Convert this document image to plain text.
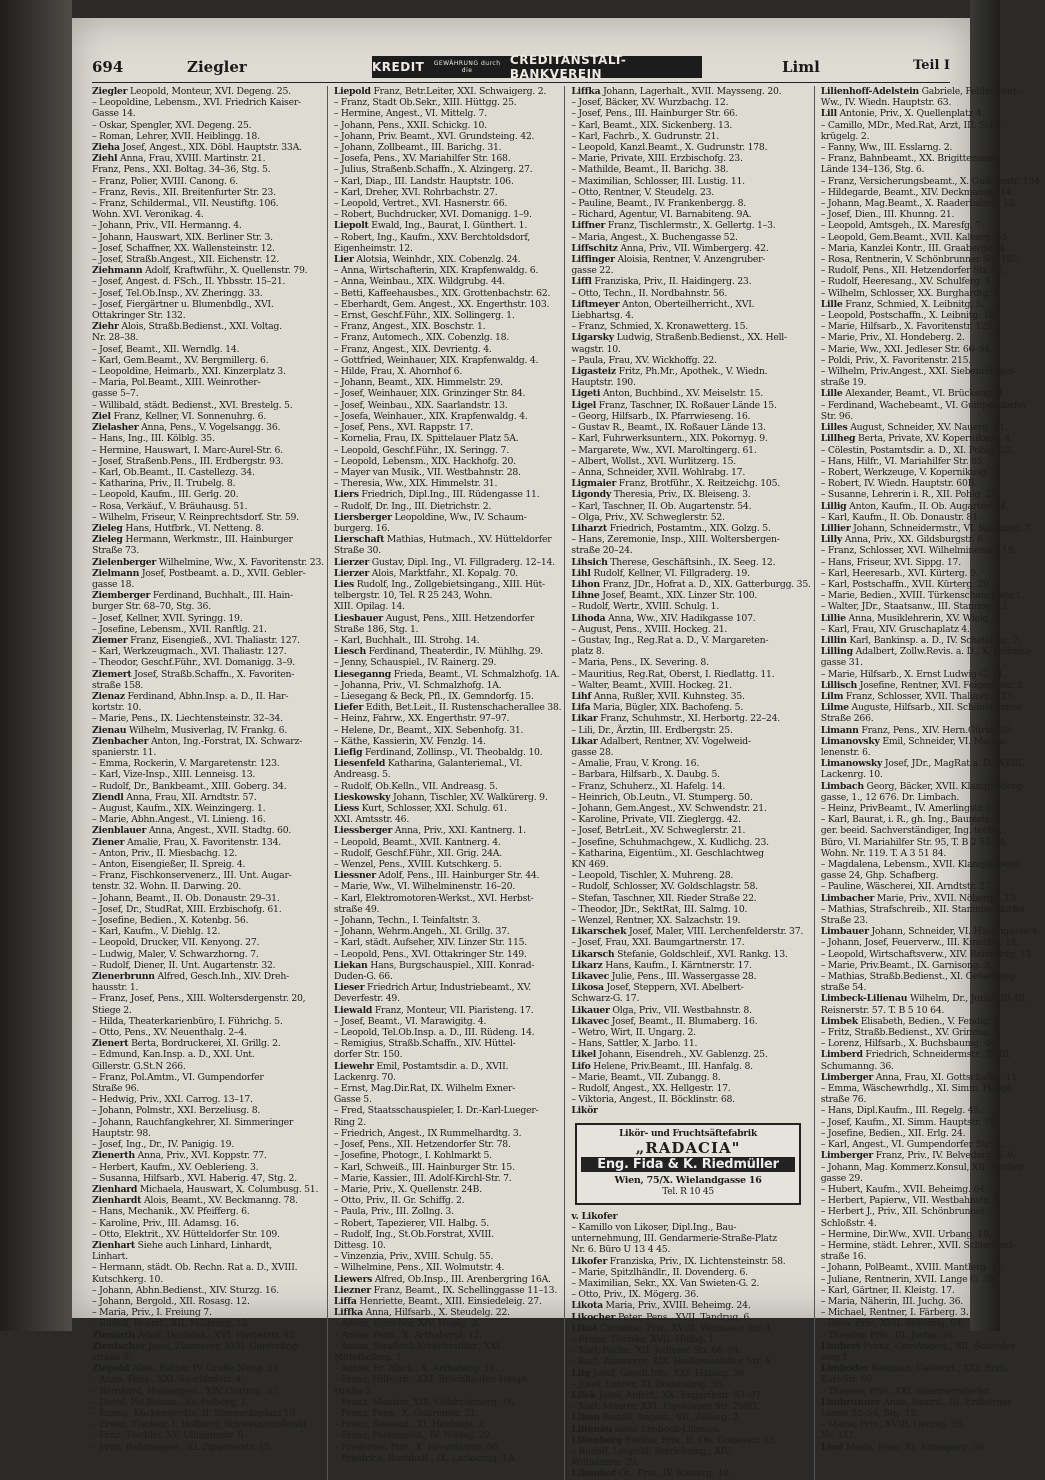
694	Ziegler	KREDIT	GEWÄHRUNG durch die
CREDITANSTALT-BANKVEREIN	Liml	Teil I
Ziegler Leopold, Monteur, XVI. Degeng. 25.
– Leopoldine, Lebensm., XVI. Friedrich Kaiser-
Gasse 14.
– Oskar, Spengler, XVI. Degeng. 25.
– Roman, Lehrer, XVII. Heiblingg. 18.
Zieha Josef, Angest., XIX. Döbl. Hauptstr. 33A.
Ziehl Anna, Frau, XVIII. Martinstr. 21.
Franz, Pens., XXI. Boltag. 34–36, Stg. 5.
– Franz, Polier, XVIII. Canong. 6.
– Franz, Revis., XII. Breitenfurter Str. 23.
– Franz, Schildermal., VII. Neustiftg. 106.
Wohn. XVI. Veronikag. 4.
– Johann, Priv., VII. Hermanng. 4.
– Johann, Hauswart, XIX. Berliner Str. 3.
– Josef, Schaffner, XX. Wallensteinstr. 12.
– Josef, Straßb.Angest., XII. Eichenstr. 12.
Ziehmann Adolf, Kraftwführ., X. Quellenstr. 79.
– Josef, Angest. d. FSch., II. Ybbsstr. 15–21.
– Josef, Tel.Ob.Insp., XV. Zheringg. 33.
– Josef, Fiergärtner u. Blumenbdlg., XVI.
Ottakringer Str. 132.
Ziehr Alois, Straßb.Bedienst., XXI. Voltag.
Nr. 28–38.
– Josef, Beamt., XII. Werndlg. 14.
– Karl, Gem.Beamt., XV. Bergmillerg. 6.
– Leopoldine, Heimarb., XXI. Kinzerplatz 3.
– Maria, Pol.Beamt., XIII. Weinrother-
gasse 5–7.
– Willibald, städt. Bedienst., XVI. Brestelg. 5.
Ziel Franz, Kellner, VI. Sonnenuhrg. 6.
Zielasher Anna, Pens., V. Vogelsangg. 36.
– Hans, Ing., III. Kölblg. 35.
– Hermine, Hauswart, I. Marc-Aurel-Str. 6.
– Josef, Straßenb.Pens., III. Erdbergstr. 93.
– Karl, Ob.Beamt., II. Castellezg. 34.
– Katharina, Priv., II. Trubelg. 8.
– Leopold, Kaufm., III. Gerlg. 20.
– Rosa, Verkäuf., V. Bräuhausg. 51.
– Wilhelm, Friseur, V. Reinprechtsdorf. Str. 59.
Zieleg Hans, Hutfbrk., VI. Netteng. 8.
Zieleg Hermann, Werkmstr., III. Hainburger
Straße 73.
Zielenberger Wilhelmine, Ww., X. Favoritenstr. 23.
Zielmann Josef, Postbeamt. a. D., XVII. Gebler-
gasse 18.
Ziemberger Ferdinand, Buchhalt., III. Hain-
burger Str. 68–70, Stg. 36.
– Josef, Kellner, XVII. Syringg. 19.
– Josefine, Lebensm., XVII. Ranftlg. 21.
Ziemer Franz, Eisengieß., XVI. Thaliastr. 127.
– Karl, Werkzeugmach., XVI. Thaliastr. 127.
– Theodor, Geschf.Führ., XVI. Domanigg. 3–9.
Ziemert Josef, Straßb.Schaffn., X. Favoriten-
straße 158.
Zienaz Ferdinand, Abhn.Insp. a. D., II. Har-
kortstr. 10.
– Marie, Pens., IX. Liechtensteinstr. 32–34.
Zienau Wilhelm, Musiverlag, IV. Frankg. 6.
Zienbacher Anton, Ing.-Forstrat, IX. Schwarz-
spanierstr. 11.
– Emma, Rockerin, V. Margaretenstr. 123.
– Karl, Vize-Insp., XIII. Lenneisg. 13.
– Rudolf, Dr., Bankbeamt., XIII. Goberg. 34.
Ziendl Anna, Frau, XII. Arndtstr. 57.
– August, Kaufm., XIX. Weinzingerg. 1.
– Marie, Abhn.Angest., VI. Linieng. 16.
Zienblauer Anna, Angest., XVII. Stadtg. 60.
Ziener Amalie, Frau, X. Favoritenstr. 134.
– Anton, Priv., II. Miesbachg. 12.
– Anton, Eisengießer, II. Spreig. 4.
– Franz, Fischkonservenerz., III. Unt. Augar-
tenstr. 32. Wohn. II. Darwing. 20.
– Johann, Beamt., II. Ob. Donaustr. 29–31.
– Josef, Dr., StudRat, XIII. Erzbischofg. 61.
– Josefine, Bedien., X. Kotenbg. 56.
– Karl, Kaufm., V. Diehlg. 12.
– Leopold, Drucker, VII. Kenyong. 27.
– Ludwig, Maler, V. Schwarzhorng. 7.
– Rudolf, Diener, II. Unt. Augartenstr. 32.
Zienerbrunn Alfred, Gesch.Inh., XIV. Dreh-
hausstr. 1.
– Franz, Josef, Pens., XIII. Woltersdergenstr. 20,
Stiege 2.
– Hilda, Theaterkarienbüro, I. Führichg. 5.
– Otto, Pens., XV. Neuenthalg. 2–4.
Zienert Berta, Bordruckerei, XI. Grillg. 2.
– Edmund, Kan.Insp. a. D., XXI. Unt.
Gillerstr. G.St.N 266.
– Franz, Pol.Amtm., VI. Gumpendorfer
Straße 96.
– Hedwig, Priv., XXI. Carrog. 13–17.
– Johann, Polmstr., XXI. Berzeliusg. 8.
– Johann, Rauchfangkehrer, XI. Simmeringer
Hauptstr. 98.
– Josef, Ing., Dr., IV. Panigig. 19.
Zienerth Anna, Priv., XVI. Koppstr. 77.
– Herbert, Kaufm., XV. Oeblerieng. 3.
– Susanna, Hilfsarb., XVI. Haberig. 47, Stg. 2.
Zienhard Michaela, Hauswart, X. Columbusg. 51.
Zienhardt Alois, Beamt., XV. Beckmanng. 78.
– Hans, Mechanik., XV. Pfeifferg. 6.
– Karoline, Priv., III. Adamsg. 16.
– Otto, Elektrit., XV. Hütteldorfer Str. 109.
Zienhart Siehe auch Linhard, Linhardt,
Linhart.
– Hermann, städt. Ob. Rechn. Rat a. D., XVIII.
Kutschkerg. 10.
– Johann, Abhn.Bedienst., XIV. Sturzg. 16.
– Johann, Bergold., XII. Rosasg. 12.
– Maria, Priv., I. Freiung 7.
– Rudolf, Beamt., XII. Mällnerg. 13.
Zienörth Adolf, Dachdek., XVI. Herbststr. 42.
Zientscher Josef, Zimmerer, XVII. Güpferling-
straße 9.
Ziepold Alois, Faktor, IV. Große Neug. 31.
– Anna, Pens., XXI. Saarlandstr. 4.
– Bernhard, Holzangest., XIV. Guttrog. 37.
– David, Pol.Beamt., XV. Felberg. 1.
– Emma, Küchengeräte, II. Sternecksplatz 10.
– Erwin, Tischler, I. Hofburg, Schweizerhoftrakt
– Fritz, Tischler, XV. Ullmannstr. 8.
– Fritz, Bahnangest., XI. Zippererstr. 15.
Liepold Franz, Betr.Leiter, XXI. Schwaigerg. 2.
– Franz, Stadt Ob.Sekr., XIII. Hüttgg. 25.
– Hermine, Angest., VI. Mittelg. 7.
– Johann, Pens., XXII. Schickg. 10.
– Johann, Priv. Beamt., XVI. Grundsteing. 42.
– Johann, Zollbeamt., III. Barichg. 31.
– Josefa, Pens., XV. Mariahilfer Str. 168.
– Julius, Straßenb.Schaffn., X. Alzingerg. 27.
– Karl, Diap., III. Landstr. Hauptstr. 106.
– Karl, Dreher, XVI. Rohrbachstr. 27.
– Leopold, Vertret., XVI. Hasnerstr. 66.
– Robert, Buchdrucker, XVI. Domanigg. 1–9.
Liepolt Ewald, Ing., Baurat, I. Günthert. 1.
– Robert, Ing., Kaufm., XXV. Berchtoldsdorf,
Eigenheimstr. 12.
Lier Alotsia, Weinhdr., XIX. Cobenzlg. 24.
– Anna, Wirtschafterin, XIX. Krapfenwaldg. 6.
– Anna, Weinbau., XIX. Wildgrubg. 44.
– Betti, Kaffeehausbes., XIX. Grottenbachstr. 62.
– Eberhardt, Gem. Angest., XX. Engerthstr. 103.
– Ernst, Geschf.Führ., XIX. Sollingerg. 1.
– Franz, Angest., XIX. Boschstr. 1.
– Franz, Automech., XIX. Cobenzlg. 18.
– Franz, Angest., XIX. Devrientg. 4.
– Gottfried, Weinhauer, XIX. Krapfenwaldg. 4.
– Hilde, Frau, X. Ahornhof 6.
– Johann, Beamt., XIX. Himmelstr. 29.
– Josef, Weinhauer, XIX. Grinzinger Str. 84.
– Josef, Weinbau., XIX. Saarlandstr. 13.
– Josefa, Weinhauer., XIX. Krapfenwaldg. 4.
– Josef, Pens., XVI. Rappstr. 17.
– Kornelia, Frau, IX. Spittelauer Platz 5A.
– Leopold, Geschf.Führ., IX. Seringg. 7.
– Leopold, Lebensm., XIX. Hackhofg. 20.
– Mayer van Musik., VII. Westbahnstr. 28.
– Theresia, Ww., XIX. Himmelstr. 31.
Liers Friedrich, Dipl.Ing., III. Rüdengasse 11.
– Rudolf, Dr. Ing., III. Dietrichstr. 2.
Liersberger Leopoldine, Ww., IV. Schaum-
burgerg. 16.
Lierschaft Mathias, Hutmach., XV. Hütteldorfer
Straße 30.
Lierzer Gustav, Dipl. Ing., VI. Fillgraderg. 12–14.
Lierzer Alois, Marktfahr., XI. Kopalg. 70.
Lies Rudolf, Ing., Zollgebietsingang., XIII. Hüt-
telbergstr. 10, Tel. R 25 243, Wohn.
XIII. Opilag. 14.
Liesbauer August, Pens., XIII. Hetzendorfer
Straße 186, Stg. 1.
– Karl, Buchhalt., III. Strohg. 14.
Liesch Ferdinand, Theaterdir., IV. Mühlhg. 29.
– Jenny, Schauspiel., IV. Rainerg. 29.
Lieseganng Frieda, Beamt., VI. Schmalzhofg. 1A.
– Johanna, Priv., VI. Schmalzhofg. 1A.
– Liesegang & Beck, Pfl., IX. Gemndorfg. 15.
Liefer Edith, Bet.Leit., II. Rustenschacherallee 38.
– Heinz, Fahrw., XX. Engerthstr. 97–97.
– Helene, Dr., Beamt., XIX. Sebenhofg. 31.
– Käthe, Kassierin, XV. Fenzlg. 14.
Liefig Ferdinand, Zollinsp., VI. Theobaldg. 10.
Liesenfeld Katharina, Galanteriemal., VI.
Andreasg. 5.
– Rudolf, Ob.Kelln., VII. Andreasg. 5.
Lieskowsky Johann, Tischler, XV. Walkürerg. 9.
Liess Kurt, Schlosser, XXI. Schulg. 61.
XXI. Amtsstr. 46.
Liessberger Anna, Priv., XXI. Kantnerg. 1.
– Leopold, Beamt., XVII. Kantnerg. 4.
– Rudolf, Geschf.Führ., XII. Grig. 24A.
– Wenzel, Pens., XVIII. Kutschkerg. 5.
Liessner Adolf, Pens., III. Hainburger Str. 44.
– Marie, Ww., VI. Wilhelminenstr. 16–20.
– Karl, Elektromotoren-Werkst., XVI. Herbst-
straße 49.
– Johann, Techn., I. Teinfaltstr. 3.
– Johann, Wehrm.Angeh., XI. Grillg. 37.
– Karl, städt. Aufseher, XIV. Linzer Str. 115.
– Leopold, Pens., XVI. Ottakringer Str. 149.
Liekan Hans, Burgschauspiel., XIII. Konrad-
Duden-G. 66.
Lieser Friedrich Artur, Industriebeamt., XV.
Deverfestr. 49.
Liewald Franz, Monteur, VII. Piaristeng. 17.
– Josef, Beamt., VI. Marawigitg. 4.
– Leopold, Tel.Ob.Insp. a. D., III. Rüdeng. 14.
– Remigius, Straßb.Schaffn., XIV. Hüttel-
dorfer Str. 150.
Liewehr Emil, Postamtsdir. a. D., XVII.
Lackenrg. 70.
– Ernst, Mag.Dir.Rat, IX. Wilhelm Exner-
Gasse 5.
– Fred, Staatsschauspieler, I. Dr.-Karl-Lueger-
Ring 2.
– Friedrich, Angest., IX Rummelhardtg. 3.
– Josef, Pens., XII. Hetzendorfer Str. 78.
– Josefine, Photogr., I. Kohlmarkt 5.
– Karl, Schweiß., III. Hainburger Str. 15.
– Marie, Kassier., III. Adolf-Kirchl-Str. 7.
– Marie, Priv., X. Quellenstr. 24B.
– Otto, Priv., II. Gr. Schiffg. 2.
– Paula, Priv., III. Zollng. 3.
– Robert, Tapezierer, VII. Halbg. 5.
– Rudolf, Ing., St.Ob.Forstrat, XVIII.
Dittesg. 10.
– Vinzenzia, Priv., XVIII. Schulg. 55.
– Wilhelmine, Pens., XII. Wolmutstr. 4.
Liewers Alfred, Ob.Insp., III. Arenbergring 16A.
Liezner Franz, Beamt., IX. Schellinggasse 11–13.
Liffa Henriette, Beamt., XIII. Einsiedeleig. 27.
Liffka Anna, Hilfsarb., X. Steudelg. 22.
– Anton, Kutscher, XIV. Huglg. 3.
– Anton, Pens., X. Arthaberpl. 12.
– Anton, Straßenb.Verkehrsführ., XXI.
Mittelhoferg. 1.
– Anton, Fr. Afsch., X. Arthaberg. 11.
– Franz, Hilfsarb., XXI. Brachhaufen Haupt-
straße 2.
– Franz, Montier, XIX. Obkirchenerg. 16.
– Franz, Pens., X. Gudrunstr. 21.
– Franz, Reisend., XI. Hebbelpl. 2.
– Franz, Postangest., IV. Wielsg. 29.
– Frederike, Priv., X. Favoritenstr. 86.
– Friedrich, Buchhalt., IX. Lackierng. 1A.
Liffka Johann, Lagerhalt., XVII. Maysseng. 20.
– Josef, Bäcker, XV. Wurzbachg. 12.
– Josef, Pens., III. Hainburger Str. 66.
– Karl, Beamt., XIX. Sickenberg. 13.
– Karl, Fachrb., X. Gudrunstr. 21.
– Leopold, Kanzl.Beamt., X. Gudrunstr. 178.
– Marie, Private, XIII. Erzbischofg. 23.
– Mathilde, Beamt., II. Barichg. 38.
– Maximilian, Schlosser, III. Lustig. 11.
– Otto, Rentner, V. Steudelg. 23.
– Pauline, Beamt., IV. Frankenbergg. 8.
– Richard, Agentur, VI. Barnabiteng. 9A.
Liffner Franz, Tischlermstr., X. Gellertg. 1–3.
– Maria, Angest., X. Buchengasse 52.
Liffschitz Anna, Priv., VII. Wimbergerg. 42.
Liffinger Aloisia, Rentner, V. Anzengruber-
gasse 22.
Liffl Franziska, Priv., II. Haidingerg. 23.
– Otto, Techn., II. Nordbahnstr. 56.
Liftmeyer Anton, Oberteilherricht., XVI.
Liebhartsg. 4.
– Franz, Schmied, X. Kronawetterg. 15.
Ligarsky Ludwig, Straßenb.Bedienst., XX. Hell-
wagstr. 10.
– Paula, Frau, XV. Wickhoffg. 22.
Ligasteiz Fritz, Ph.Mr., Apothek., V. Wiedn.
Hauptstr. 190.
Ligeti Anton, Buchbind., XV. Meiselstr. 15.
Ligel Franz, Taschner, IX. Roßauer Lände 15.
– Georg, Hilfsarb., IX. Pfarrwieseng. 16.
– Gustav R., Beamt., IX. Roßauer Lände 13.
– Karl, Fuhrwerksuntern., XIX. Pokornyg. 9.
– Margarete, Ww., XVI. Maroltingerg. 61.
– Albert, Wollst., XVI. Wurlitzerg. 15.
– Anna, Schneider, XVII. Wohlrabg. 17.
Ligmaier Franz, Brotführ., X. Reitzeichg. 105.
Ligondy Theresia, Priv., IX. Bleiseng. 3.
– Karl, Taschner, II. Ob. Augartenstr. 54.
– Olga, Priv., XV. Schweglerstr. 52.
Liharzt Friedrich, Postamtm., XIX. Golzg. 5.
– Hans, Zeremonie, Insp., XIII. Woltersbergen-
straße 20–24.
Lihsich Therese, Geschäftsinh., IX. Seeg. 12.
Lihl Rudolf, Kellner, VI. Fillgraderg. 19.
Lihon Franz, JDr., Hofrat a. D., XIX. Gatterburgg. 35.
Lihne Josef, Beamt., XIX. Linzer Str. 100.
– Rudolf, Wertr., XVIII. Schulg. 1.
Lihoda Anna, Ww., XIV. Hadikgasse 107.
– August, Pens., XVIII. Hockeg. 21.
– Gustav, Ing., Reg.Rat a. D., V. Margareten-
platz 8.
– Maria, Pens., IX. Severing. 8.
– Mauritius, Reg.Rat, Oberst, I. Riedlattg. 11.
– Walter, Beamt., XVIII. Hockeg. 21.
Lihf Anna, Rußler, XVII. Kuhnsteg. 35.
Lifa Maria, Bügler, XIX. Bachofeng. 5.
Likar Franz, Schuhmstr., XI. Herbortg. 22–24.
– Lili, Dr., Ärztin, III. Erdbergstr. 25.
Likar Adalbert, Rentner, XV. Vogelweid-
gasse 28.
– Amalie, Frau, V. Krong. 16.
– Barbara, Hilfsarb., X. Daubg. 5.
– Franz, Schuherz., XI. Hafelg. 14.
– Heinrich, Ob.Leutn., VI. Stumperg. 50.
– Johann, Gem.Angest., XV. Schwendstr. 21.
– Karoline, Private, VII. Zieglergg. 42.
– Josef, BetrLeit., XV. Schweglerstr. 21.
– Josefine, Schuhmachgew., X. Kudlichg. 23.
– Katharina, Eigentüm., XI. Geschlachtweg
KN 469.
– Leopold, Tischler, X. Muhreng. 28.
– Rudolf, Schlosser, XV. Goldschlagstr. 58.
– Stefan, Taschner, XII. Rieder Straße 22.
– Theodor, JDr., SektRat, III. Salmg. 10.
– Wenzel, Rentner, XX. Salzachstr. 19.
Likarschek Josef, Maler, VIII. Lerchenfelderstr. 37.
– Josef, Frau, XXI. Baumgartnerstr. 17.
Likarsch Stefanie, Goldschleif., XVI. Rankg. 13.
Likarz Hans, Kaufm., I. Kärntnerstr. 17.
Likavec Julie, Pens., III. Wassergasse 28.
Likosa Josef, Steppern, XVI. Abelbert-
Schwarz-G. 17.
Likauer Olga, Priv., VII. Westbahnstr. 8.
Likavec Josef, Beamt., II. Blumaberg. 16.
– Wetro, Wirt, II. Ungarg. 2.
– Hans, Sattler, X. Jarbo. 11.
Likel Johann, Eisendreh., XV. Gablenzg. 25.
Lifo Helene, Priv.Beamt., III. Hanfalg. 8.
– Marie, Beamt., VII. Zubangg. 8.
– Rudolf, Angest., XX. Hellgestr. 17.
– Viktoria, Angest., II. Böcklinstr. 68.
Likör
Likör- und Fruchtsäftefabrik
„RADACIA"
Eng. Fida & K. Riedmüller
Wien, 75/X. Wielandgasse 16
Tel. R 10 45
v. Likofer
– Kamillo von Likoser, Dipl.Ing., Bau-
unternehmung, III. Gendarmerie-Straße-Platz
Nr. 6. Büro U 13 4 45.
Likofer Franziska, Priv., IX. Lichtensteinstr. 58.
– Marie, Spitzlhändlr., II. Dovenderg. 6.
– Maximilian, Sekr., XX. Van Swieten-G. 2.
– Otto, Priv., IX. Mögerg. 36.
Likota Maria, Priv., XVIII. Beheimg. 24.
Likocher Peter, Pens., XVII. Tandrug. 6.
Likot Christine, Priv., XVIII. Weimarer Str. 4.
– Franz, Tischler, XVII. Halbg. 1.
– Karl, Fachr., XII. Jedleser Str. 68–94.
– Karl, Zimmerer, XIX. Heiligenstädter Str. 4.
Lilg Josef, Gesch.Inh., XXI. Habikg. 36.
– Josef, Lehrer, XI. Braubahng. 36.
Lilek Josef, Anfert., XX. Engerthstr. 83–97.
– Karl, Maurer, XXI. Eipeldauer Str. 258/1.
Lilien Rudolf, Angest., VII. Zoilerg. 2.
Lilienau siehe Limbeck-Lilienau.
Lilienberg Bertha, Priv., II. Ob. Donaustr. 33.
– Rudolf, Leopold, Betriebsing., XIV.
Wilhelmstr. 29.
Lilienhof Ot., Priv., IV. Rainerg. 18.
Lilienhoff-Adelstein Gabriele, Feldm.Leut.-
Ww., IV. Wiedn. Hauptstr. 63.
Lill Antonie, Priv., X. Quellenplatz 4.
– Camillo, MDr., Med.Rat, Arzt, III. Schs-
krügelg. 2.
– Fanny, Ww., III. Esslarng. 2.
– Franz, Bahnbeamt., XX. Brigittenauer
Lände 134–136, Stg. 6.
– Franz, Versicherungsbeamt., X. Gudrunstr. 134.
– Hildegarde, Beamt., XIV. Deckmanng. 14.
– Johann, Mag.Beamt., X. Raaderbahng. 12.
– Josef, Dien., III. Khunng. 21.
– Leopold, Amtsgeh., IX. Maresfg. 7.
– Leopold, Gem.Beamt., XVII. Kalvarg. 53.
– Maria, Kanzlei Kontr., III. Graaberger 4.
– Rosa, Rentnerin, V. Schönbrunner Str. 107.
– Rudolf, Pens., XII. Hetzendorfer Str. 63.
– Rudolf, Heeresang., XV. Schulferg. 6.
– Wilhelm, Schlosser, XX. Burghardtg. 5.
Lille Franz, Schmied, X. Leibnitg. 5.
– Leopold, Postschaffn., X. Leibnitg. 18.
– Marie, Hilfsarb., X. Favoritenstr. 125.
– Marie, Priv., XI. Hondeberg. 2.
– Marie, Ww., XXI. Jedleser Str. 66–94.
– Poldi, Priv., X. Favoritenstr. 215.
– Wilhelm, Priv.Angest., XXI. Siebenbürgen-
straße 19.
Lille Alexander, Beamt., VI. Brückeng. 4.
– Ferdinand, Wachebeamt., VI. Gumpendorfer
Str. 96.
Lilles August, Schneider, XV. Nauerg. 11.
Lillheg Berta, Private, XV. Kopernikusg. 4.
– Cölestin, Postamtsdir. a. D., XI. Pohlg. 23.
– Hans, Hilfr., VI. Mariahilfer Str. 85.
– Robert, Werkzeuge, V. Kopernikusg. 1.
– Robert, IV. Wiedn. Hauptstr. 60B.
– Susanne, Lehrerin i. R., XII. Pohlg. 23.
Lillig Anton, Kaufm., II. Ob. Augarten 54.
– Karl, Kaufm., II. Ob. Donaustr. 81.
Lillier Johann, Schneidermstr., VI. Rauming. 7.
Lilly Anna, Priv., XX. Gildsburgstr. 6.
– Franz, Schlosser, XVI. Wilhelminenstr. 19.
– Hans, Friseur, XVI. Sippg. 17.
– Karl, Heeresarb., XVI. Kürterg. 9.
– Karl, Postschaffn., XVII. Kürterg. 29.
– Marie, Bedien., XVIII. Türkenschanzplatz 1.
– Walter, JDr., Staatsanw., III. Stammg. 11.
Lillie Anna, Musiklehrerin, XV. Wielg. 9.
– Karl, Frau, XIV. Gruschaplatz 4.
Lillin Karl, Bankinsp. a. D., IV. Schelleing. 7.
Lilling Adalbert, Zollw.Revis. a. D., X. Leibnitz-
gasse 31.
– Marie, Hilfsarb., X. Ernst Ludwig-G. 11.
Lillisch Josefine, Rentner, XVI. Feigerlestr. 3.
Lilm Franz, Schlosser, XVII. Thaliastr. 127.
Lilme Auguste, Hilfsarb., XII. Schönbrunner
Straße 266.
Limann Franz, Pens., XIV. Hern.Gürtel 39.
Limanovsky Emil, Schneider, VI. Magda-
lenenstr. 6.
Limanowsky Josef, JDr., MagRat a. D., XVIII.
Lackenrg. 10.
Limbach Georg, Bäcker, XVII. Klampfelberg-
gasse, 1., 12 676. Dr. Limbach.
– Heinz, PrivBeamt., IV. Amerlingstr. 17.
– Karl, Baurat, i. R., gh. Ing., Baumstr.,
ger. beeid. Sachverständiger, Ing. techn.
Büro, VI. Mariahilfer Str. 95, T. B 2 53 04,
Wohn. Nr. 119. T. A 3 51 84.
– Magdalena, Lebensm., XVII. Klampfelberg-
gasse 24, Ghp. Schafberg.
– Pauline, Wäscherei, XII. Arndtstr. 27.
Limbacher Marie, Priv., XVII. Nöbergg. 13.
– Mathias, Strafschreib., XII. Stammersdorfer
Straße 23.
Limbauer Johann, Schneider, VI. Haydngasse 4.
– Johann, Josef, Feuerverw., III. Kimichg. 14.
– Leopold, Wirtschaftsverw., XIV. Reindorfg. 13.
– Marie, Priv.Beamt., IX. Garnisong. 3.
– Mathias, Straßb.Bedienst., XI. Geiselberg-
straße 54.
Limbeck-Lilienau Wilhelm, Dr., Jurist, III 40,
Reisnerstr. 57. T. B 5 10 64.
Limbek Elisabeth, Bedien., V. Fendig. 4.
– Fritz, Straßb.Bedienst., XV. Grimmg. 5.
– Lorenz, Hilfsarb., X. Buchsbaumg. 44.
Limberd Friedrich, Schneidermstr., XVIII.
Schumanng. 36.
Limberger Anna, Frau, XI. Gottschalkg. 11.
– Emma, Wäschewrhdlg., XI. Simm. Haupt-
straße 76.
– Hans, Dipl.Kaufm., III. Regelg. 45.
– Josef, Kaufm., XI. Simm. Hauptstr. 76.
– Josefine, Bedien., XII. Erlg. 24.
– Karl, Angest., VI. Gumpendorfer Str. 2.
Limberger Franz, Priv., IV. Belvederg. 6–9.
– Johann, Mag. Kommerz.Konsul, XII. Rucker-
gasse 29.
– Hubert, Kaufm., XVII. Beheimg. 64.
– Herbert, Papierw., VII. Westbahnstr. 4.
– Herbert J., Priv., XII. Schönbrunner
Schloßstr. 4.
– Hermine, Dir.Ww., XVII. Urbang. 10.
– Hermine, städt. Lehrer., XVII. Schierland-
straße 16.
– Johann, PolBeamt., XVIII. Mantlerg. 11.
– Juliane, Rentnerin, XVII. Lange G. 36.
– Karl, Gärtner, II. Kleistg. 17.
– Maria, Näherin, III. Juchg. 36.
– Michael, Rentner, I. Färberg. 3.
– Rosa, Priv., XVII. Beheimg. 64.
– Theodor, Priv., III. Juchg. 36.
Limbert Franz, GemAngest., XII. Schröder-
weg 1.
Limböder Koloman, Gastwirt., XXI. Erzh.-
Karl-Str. 60.
– Therese, Priv., XXI. Stammersdorfer
Limbrunner Anna, Beamt., III. Erdberger
Lände 52–54, Stg. 12.
– Maria, Priv., XVIII. Gentzg. 36.
Nr. 111.
Liml Maria, Frau, XI. Ahmaperg. 36.
